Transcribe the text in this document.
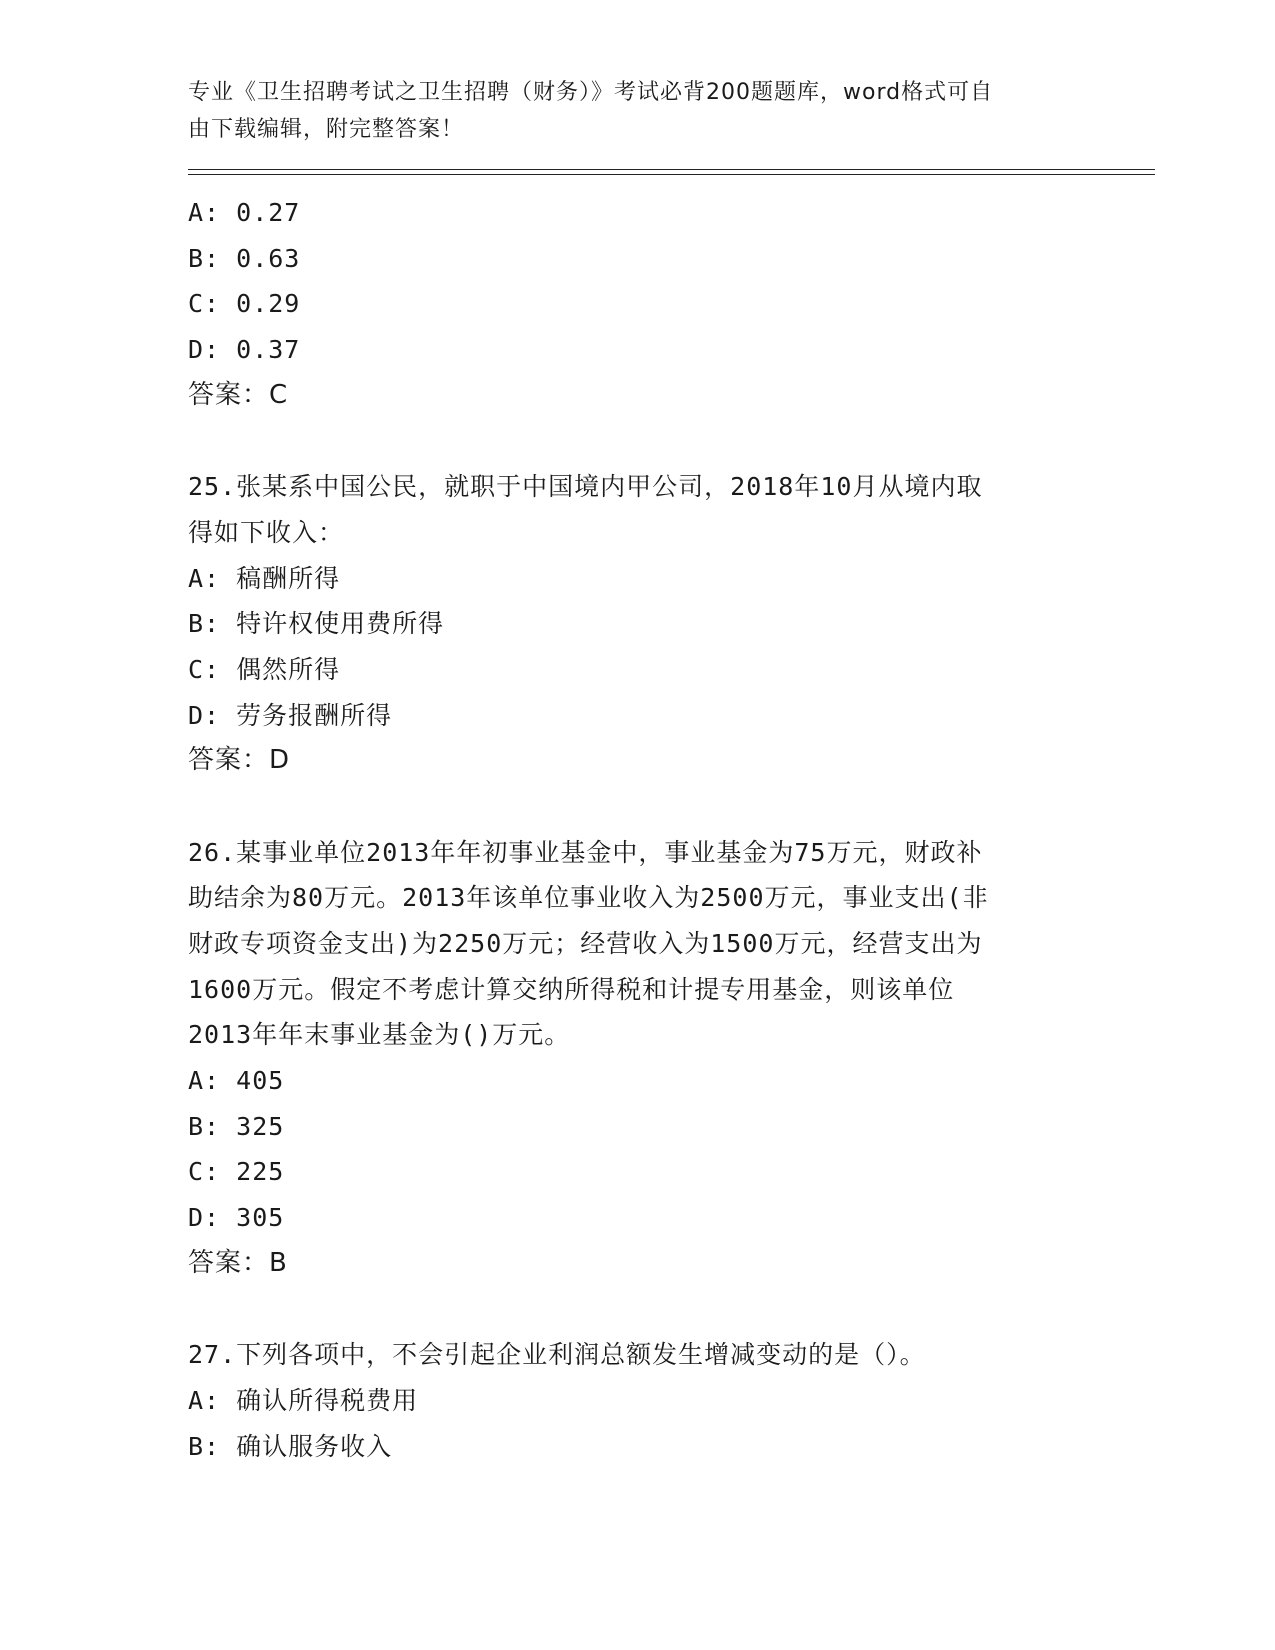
专业《卫生招聘考试之卫生招聘（财务）》考试必背200题题库，word格式可自
由下载编辑，附完整答案！
A: 0.27
B: 0.63
C: 0.29
D: 0.37
答案：C
25.张某系中国公民，就职于中国境内甲公司，2018年10月从境内取
得如下收入：
A: 稿酬所得
B: 特许权使用费所得
C: 偶然所得
D: 劳务报酬所得
答案：D
26.某事业单位2013年年初事业基金中，事业基金为75万元，财政补
助结余为80万元。2013年该单位事业收入为2500万元，事业支出(非
财政专项资金支出)为2250万元；经营收入为1500万元，经营支出为
1600万元。假定不考虑计算交纳所得税和计提专用基金，则该单位
2013年年末事业基金为()万元。
A: 405
B: 325
C: 225
D: 305
答案：B
27.下列各项中，不会引起企业利润总额发生增减变动的是（）。
A: 确认所得税费用
B: 确认服务收入
